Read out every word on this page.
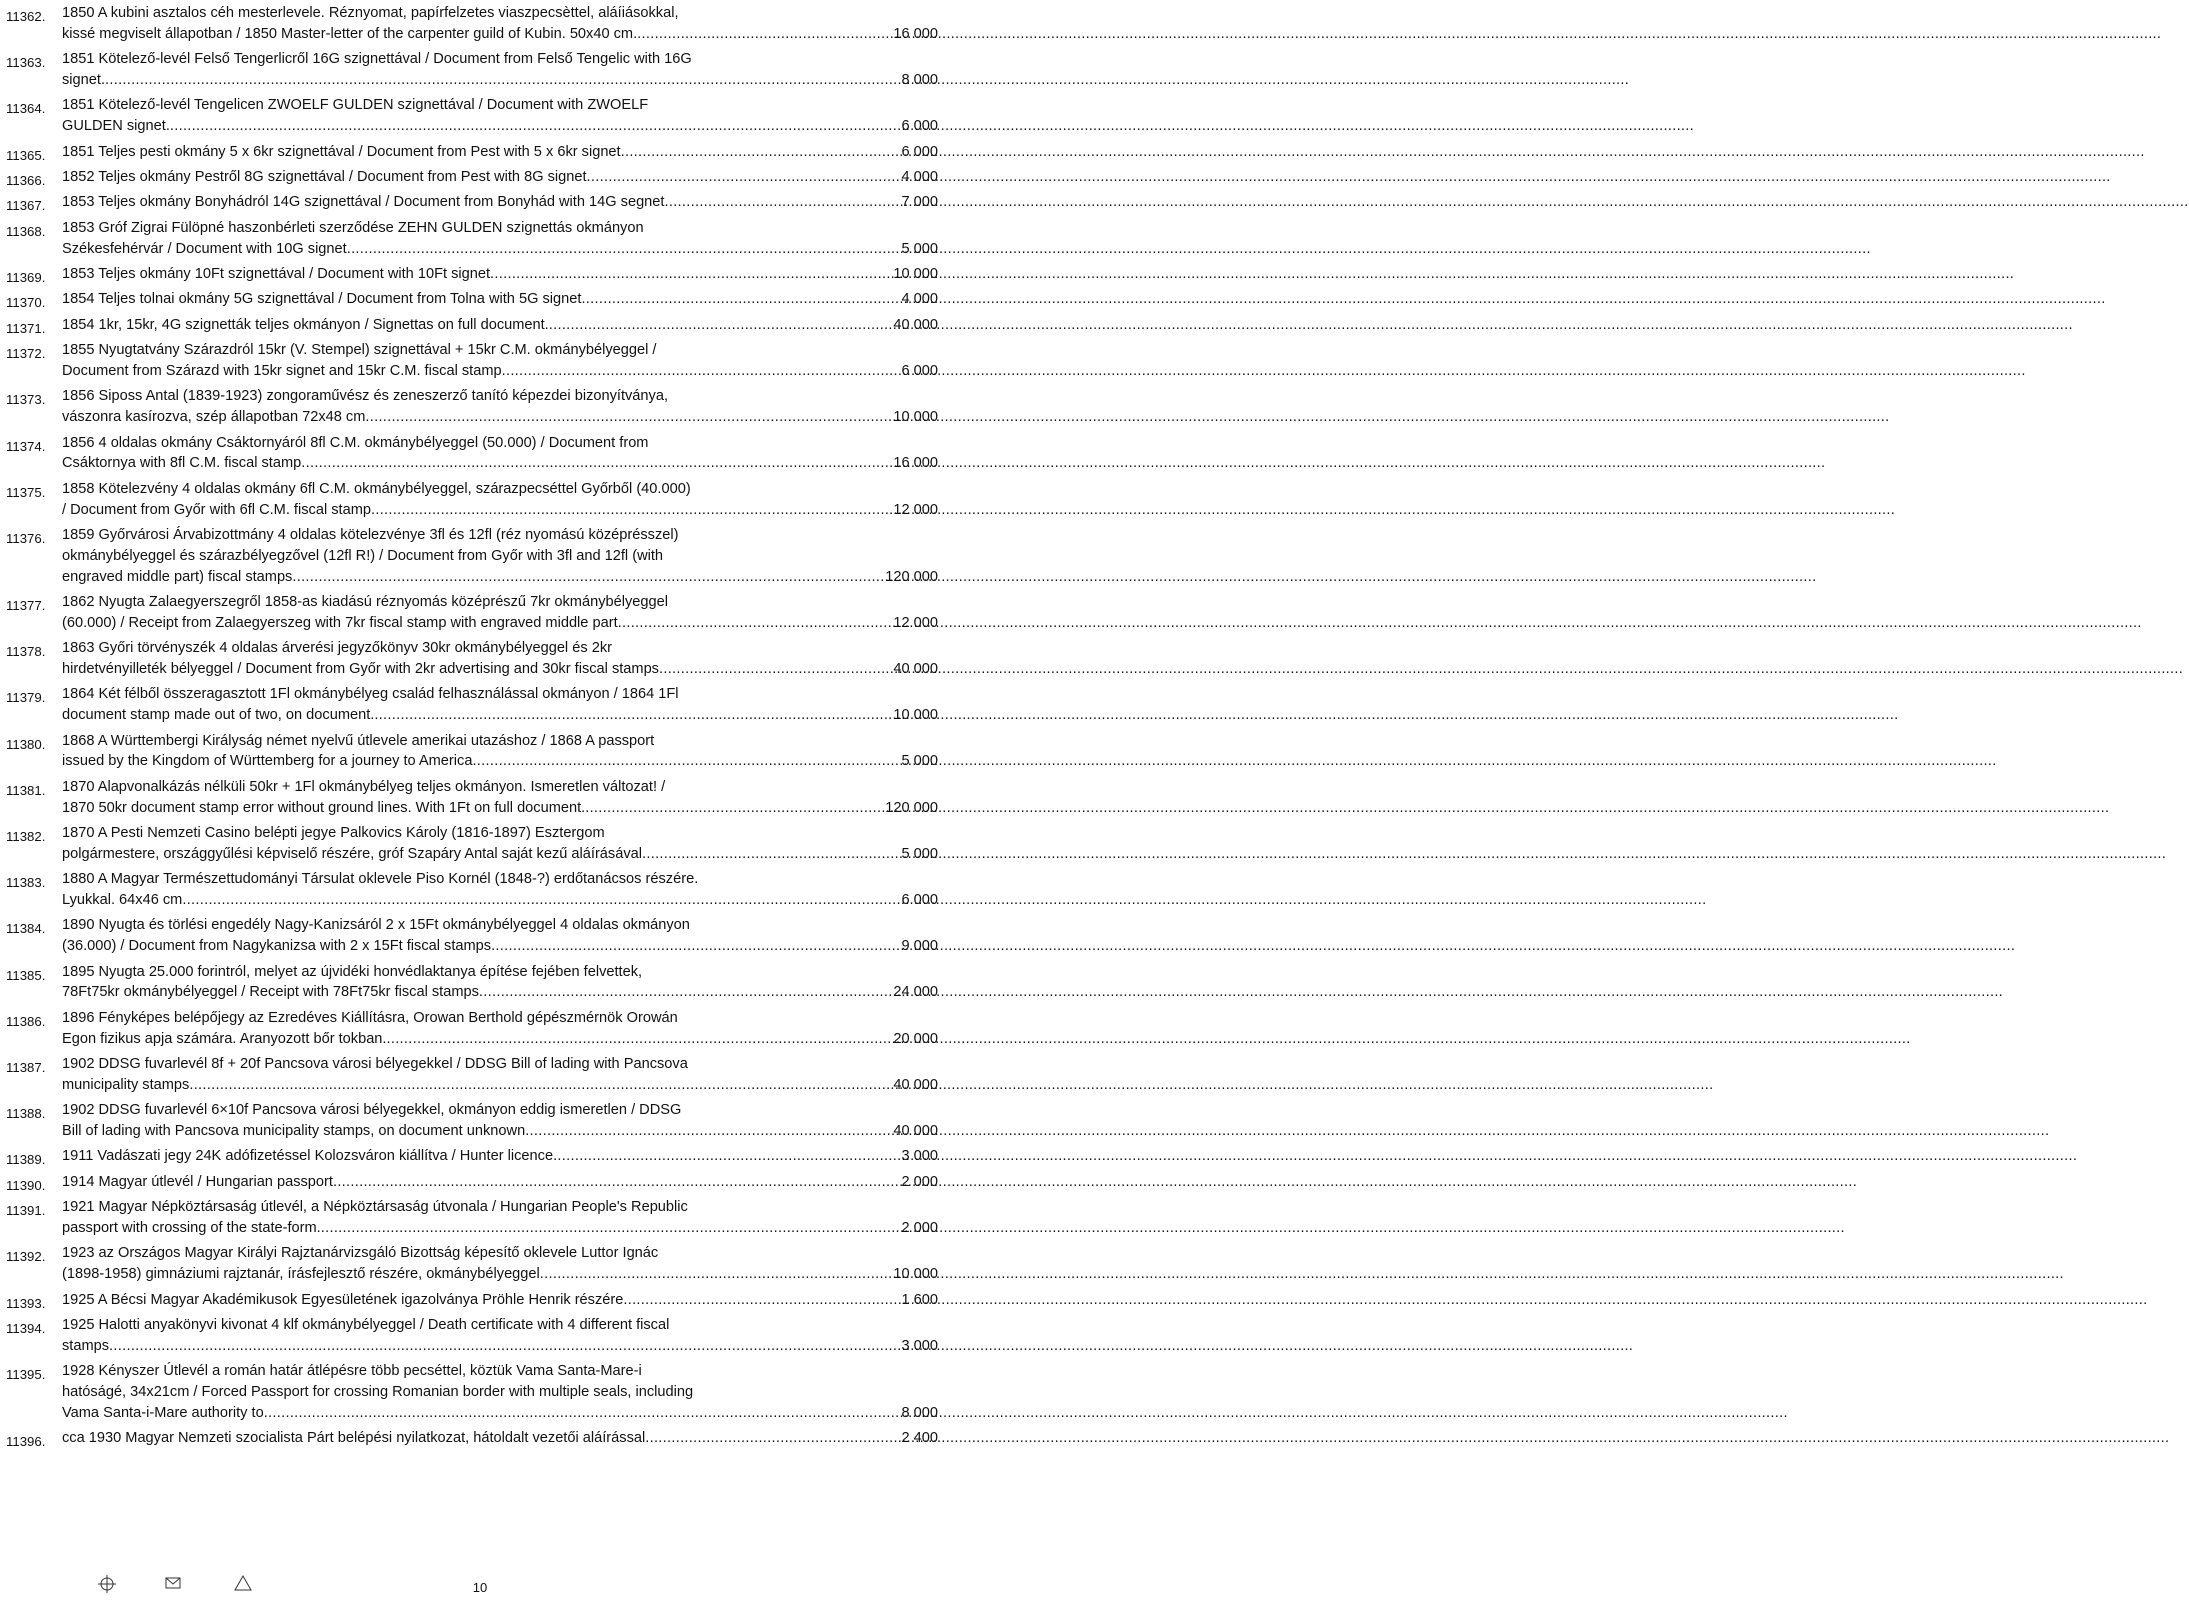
11362. 1850 A kubini asztalos céh mesterlevele. Réznyomat, papírfelzetes viaszpecsèttel, aláíiásokkal,
kissé megviselt állapotban / 1850 Master-letter of the carpenter guild of Kubin. 50x40 cm. .....	16 000
11363. 1851 Kötelező-levél Felső Tengerlicről 16G szignettával / Document from Felső Tengelic with 16G
signet. .....	8 000
11364. 1851 Kötelező-levél Tengelicen ZWOELF GULDEN szignettával / Document with ZWOELF
GULDEN signet. .....	6 000
11365. 1851 Teljes pesti okmány 5 x 6kr szignettával / Document from Pest with 5 x 6kr signet .....	6 000
11366. 1852 Teljes okmány Pestről 8G szignettával / Document from Pest with 8G signet .....	4 000
11367. 1853 Teljes okmány Bonyhádról 14G szignettával / Document from Bonyhád with 14G segnet .....	7 000
11368. 1853 Gróf Zigrai Fülöpné haszonbérleti szerződése ZEHN GULDEN szignettás okmányon
Székesfehérvár / Document with 10G signet .....	5 000
11369. 1853 Teljes okmány 10Ft szignettával / Document with 10Ft signet .....	10 000
11370. 1854 Teljes tolnai okmány 5G szignettával / Document from Tolna with 5G signet .....	4 000
11371. 1854 1kr, 15kr, 4G szignetták teljes okmányon / Signettas on full document. .....	40 000
11372. 1855 Nyugtatvány Szárazdról 15kr (V. Stempel) szignettával + 15kr C.M. okmánybélyeggel /
Document from Szárazd with 15kr signet and 15kr C.M. fiscal stamp .....	6 000
11373. 1856 Siposs Antal (1839-1923) zongoraművész és zeneszerző tanító képezdei bizonyítványa,
vászonra kasírozva, szép állapotban 72x48 cm .....	10 000
11374. 1856 4 oldalas okmány Csáktornyáról 8fl C.M. okmánybélyeggel (50.000) / Document from
Csáktornya with 8fl C.M. fiscal stamp .....	16 000
11375. 1858 Kötelezvény 4 oldalas okmány 6fl C.M. okmánybélyeggel, szárazpecséttel Győrből (40.000)
/ Document from Győr with 6fl C.M. fiscal stamp .....	12 000
11376. 1859 Győrvárosi Árvabizottmány 4 oldalas kötelezvénye 3fl és 12fl (réz nyomású középrésszel)
okmánybélyeggel és szárazbélyegzővel (12fl R!) / Document from Győr with 3fl and 12fl (with
engraved middle part) fiscal stamps .....	120 000
11377. 1862 Nyugta Zalaegyerszegről 1858-as kiadású réznyomás középrészű 7kr okmánybélyeggel
(60.000) / Receipt from Zalaegyerszeg with 7kr fiscal stamp with engraved middle part .....	12 000
11378. 1863 Győri törvényszék 4 oldalas árverési jegyzőkönyv 30kr okmánybélyeggel és 2kr
hirdetvényilleték bélyeggel / Document from Győr with 2kr advertising and 30kr fiscal stamps .....	40 000
11379. 1864 Két félből összeragasztott 1Fl okmánybélyeg család felhasználással okmányon / 1864 1Fl
document stamp made out of two, on document. .....	10 000
11380. 1868 A Württembergi Királyság német nyelvű útlevele amerikai utazáshoz / 1868 A passport
issued by the Kingdom of Württemberg for a journey to America .....	5 000
11381. 1870 Alapvonalkázás nélküli 50kr + 1Fl okmánybélyeg teljes okmányon. Ismeretlen változat! /
1870 50kr document stamp error without ground lines. With 1Ft on full document. .....	120 000
11382. 1870 A Pesti Nemzeti Casino belépti jegye Palkovics Károly (1816-1897) Esztergom
polgármestere, országgyűlési képviselő részére, gróf Szapáry Antal saját kezű aláírásával .....	5 000
11383. 1880 A Magyar Természettudományi Társulat oklevele Piso Kornél (1848-?) erdőtanácsos részére.
Lyukkal. 64x46 cm .....	6 000
11384. 1890 Nyugta és törlési engedély Nagy-Kanizsáról 2 x 15Ft okmánybélyeggel 4 oldalas okmányon
(36.000) / Document from Nagykanizsa with 2 x 15Ft fiscal stamps .....	9 000
11385. 1895 Nyugta 25.000 forintról, melyet az újvidéki honvédlaktanya építése fejében felvettek,
78Ft75kr okmánybélyeggel / Receipt with 78Ft75kr fiscal stamps .....	24 000
11386. 1896 Fényképes belépőjegy az Ezredéves Kiállításra, Orowan Berthold gépészmérnök Orowán
Egon fizikus apja számára. Aranyozott bőr tokban. .....	20 000
11387. 1902 DDSG fuvarlevél 8f + 20f Pancsova városi bélyegekkel / DDSG Bill of lading with Pancsova
municipality stamps .....	40 000
11388. 1902 DDSG fuvarlevél 6×10f Pancsova városi bélyegekkel, okmányon eddig ismeretlen / DDSG
Bill of lading with Pancsova municipality stamps, on document unknown .....	40 000
11389. 1911 Vadászati jegy 24K adófizetéssel Kolozsváron kiállítva / Hunter licence .....	3 000
11390. 1914 Magyar útlevél / Hungarian passport .....	2 000
11391. 1921 Magyar Népköztársaság útlevél, a Népköztársaság útvonala / Hungarian People's Republic
passport with crossing of the state-form. .....	2 000
11392. 1923 az Országos Magyar Királyi Rajztanárvizsgáló Bizottság képesítő oklevele Luttor Ignác
(1898-1958) gimnáziumi rajztanár, írásfejlesztő részére, okmánybélyeggel .....	10 000
11393. 1925 A Bécsi Magyar Akadémikusok Egyesületének igazolványa Pröhle Henrik részére .....	1 600
11394. 1925 Halotti anyakönyvi kivonat 4 klf okmánybélyeggel / Death certificate with 4 different fiscal
stamps .....	3 000
11395. 1928 Kényszer Útlevél a román határ átlépésre több pecséttel, köztük Vama Santa-Mare-i
hatóságé, 34x21cm / Forced Passport for crossing Romanian border with multiple seals, including
Vama Santa-i-Mare authority to .....	8 000
11396. cca 1930 Magyar Nemzeti szocialista Párt belépési nyilatkozat, hátoldalt vezetői aláírással .....	2 400
10
